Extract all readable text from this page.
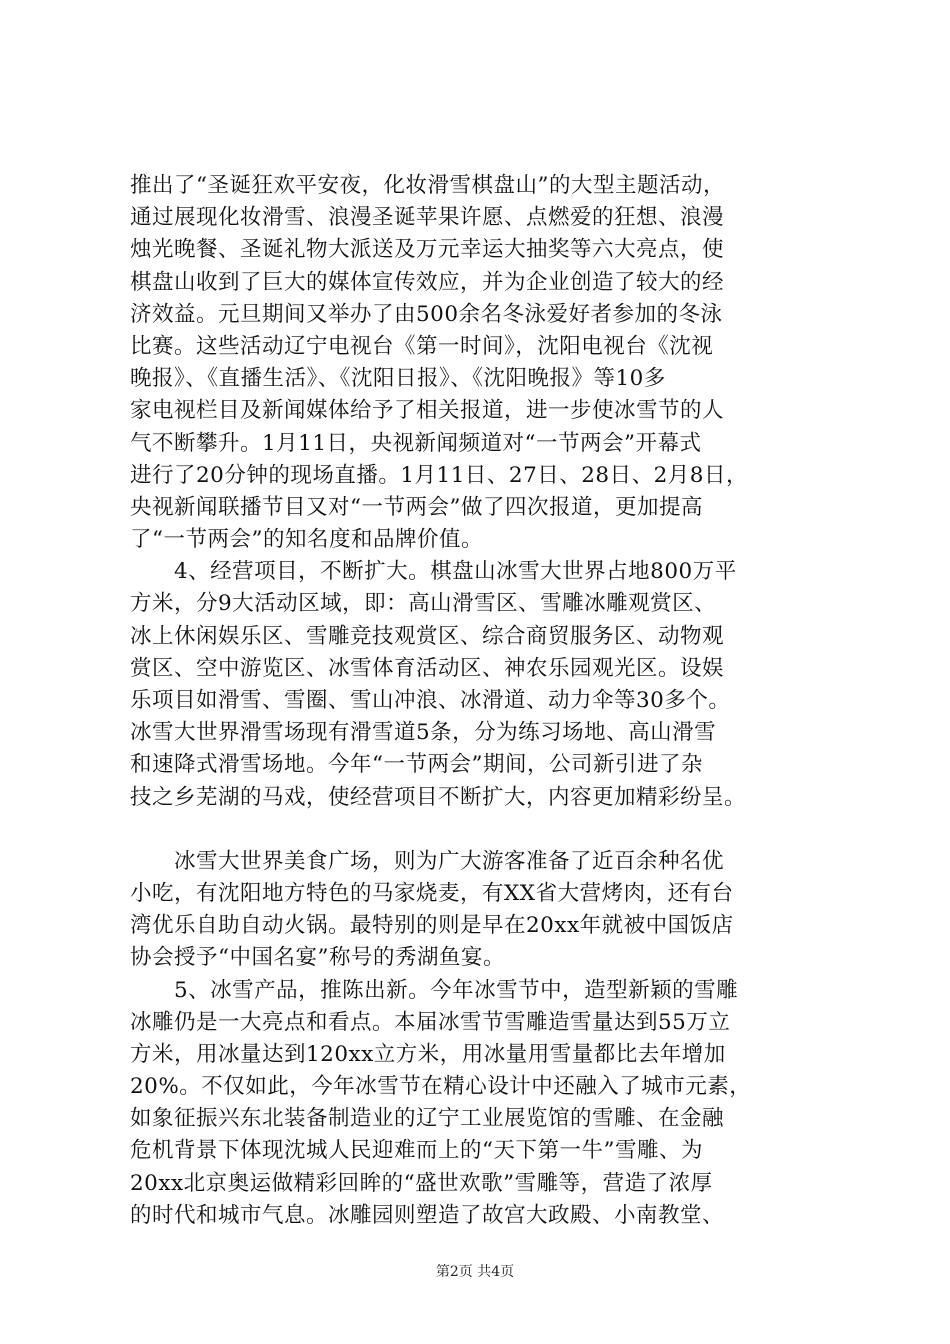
推出了“圣诞狂欢平安夜，化妆滑雪棋盘山”的大型主题活动，
通过展现化妆滑雪、浪漫圣诞苹果许愿、点燃爱的狂想、浪漫
烛光晚餐、圣诞礼物大派送及万元幸运大抽奖等六大亮点，使
棋盘山收到了巨大的媒体宣传效应，并为企业创造了较大的经
济效益。元旦期间又举办了由500余名冬泳爱好者参加的冬泳
比赛。这些活动辽宁电视台《第一时间》，沈阳电视台《沈视
晚报》、《直播生活》、《沈阳日报》、《沈阳晚报》等10多
家电视栏目及新闻媒体给予了相关报道，进一步使冰雪节的人
气不断攀升。1月11日，央视新闻频道对“一节两会”开幕式
进行了20分钟的现场直播。1月11日、27日、28日、2月8日，
央视新闻联播节目又对“一节两会”做了四次报道，更加提高
了“一节两会”的知名度和品牌价值。
　　4、经营项目，不断扩大。棋盘山冰雪大世界占地800万平
方米，分9大活动区域，即：高山滑雪区、雪雕冰雕观赏区、
冰上休闲娱乐区、雪雕竞技观赏区、综合商贸服务区、动物观
赏区、空中游览区、冰雪体育活动区、神农乐园观光区。设娱
乐项目如滑雪、雪圈、雪山冲浪、冰滑道、动力伞等30多个。
冰雪大世界滑雪场现有滑雪道5条，分为练习场地、高山滑雪
和速降式滑雪场地。今年“一节两会”期间，公司新引进了杂
技之乡芜湖的马戏，使经营项目不断扩大，内容更加精彩纷呈。
　　冰雪大世界美食广场，则为广大游客准备了近百余种名优
小吃，有沈阳地方特色的马家烧麦，有XX省大营烤肉，还有台
湾优乐自助自动火锅。最特别的则是早在20xx年就被中国饭店
协会授予“中国名宴”称号的秀湖鱼宴。
　　5、冰雪产品，推陈出新。今年冰雪节中，造型新颖的雪雕
冰雕仍是一大亮点和看点。本届冰雪节雪雕造雪量达到55万立
方米，用冰量达到120xx立方米，用冰量用雪量都比去年增加
20%。不仅如此，今年冰雪节在精心设计中还融入了城市元素，
如象征振兴东北装备制造业的辽宁工业展览馆的雪雕、在金融
危机背景下体现沈城人民迎难而上的“天下第一牛”雪雕、为
20xx北京奥运做精彩回眸的“盛世欢歌”雪雕等，营造了浓厚
的时代和城市气息。冰雕园则塑造了故宫大政殿、小南教堂、
第2页 共4页
